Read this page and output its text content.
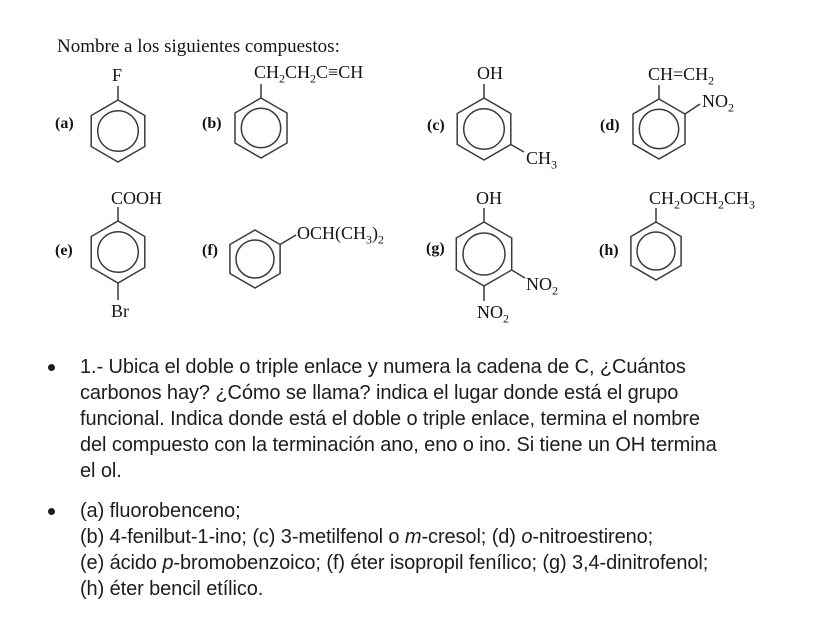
Nombre a los siguientes compuestos:
(a)	(b)	(c)	(d)
(e)	(f)	(g)	(h)
F	$CH_2CH_2C\equiv CH$	OH
$CH_3$
$CH=CH_2$
$NO_2$
COOH
Br
$OCH(CH_3)_2$
OH
$NO_2$
$NO_2$
$CH_2OCH_2CH_3$
1.- Ubica el doble o triple enlace y numera la cadena de C, ¿Cuántos
carbonos hay? ¿Cómo se llama? indica el lugar donde está el grupo
funcional. Indica donde está el doble o triple enlace, termina el nombre
del compuesto con la terminación ano, eno o ino. Si tiene un OH termina
el ol.
(a) fluorobenceno;
(b) 4-fenilbut-1-ino; (c) 3-metilfenol o m-cresol; (d) o-nitroestireno;
(e) ácido p-bromobenzoico; (f) éter isopropil fenílico; (g) 3,4-dinitrofenol;
(h) éter bencil etílico.
